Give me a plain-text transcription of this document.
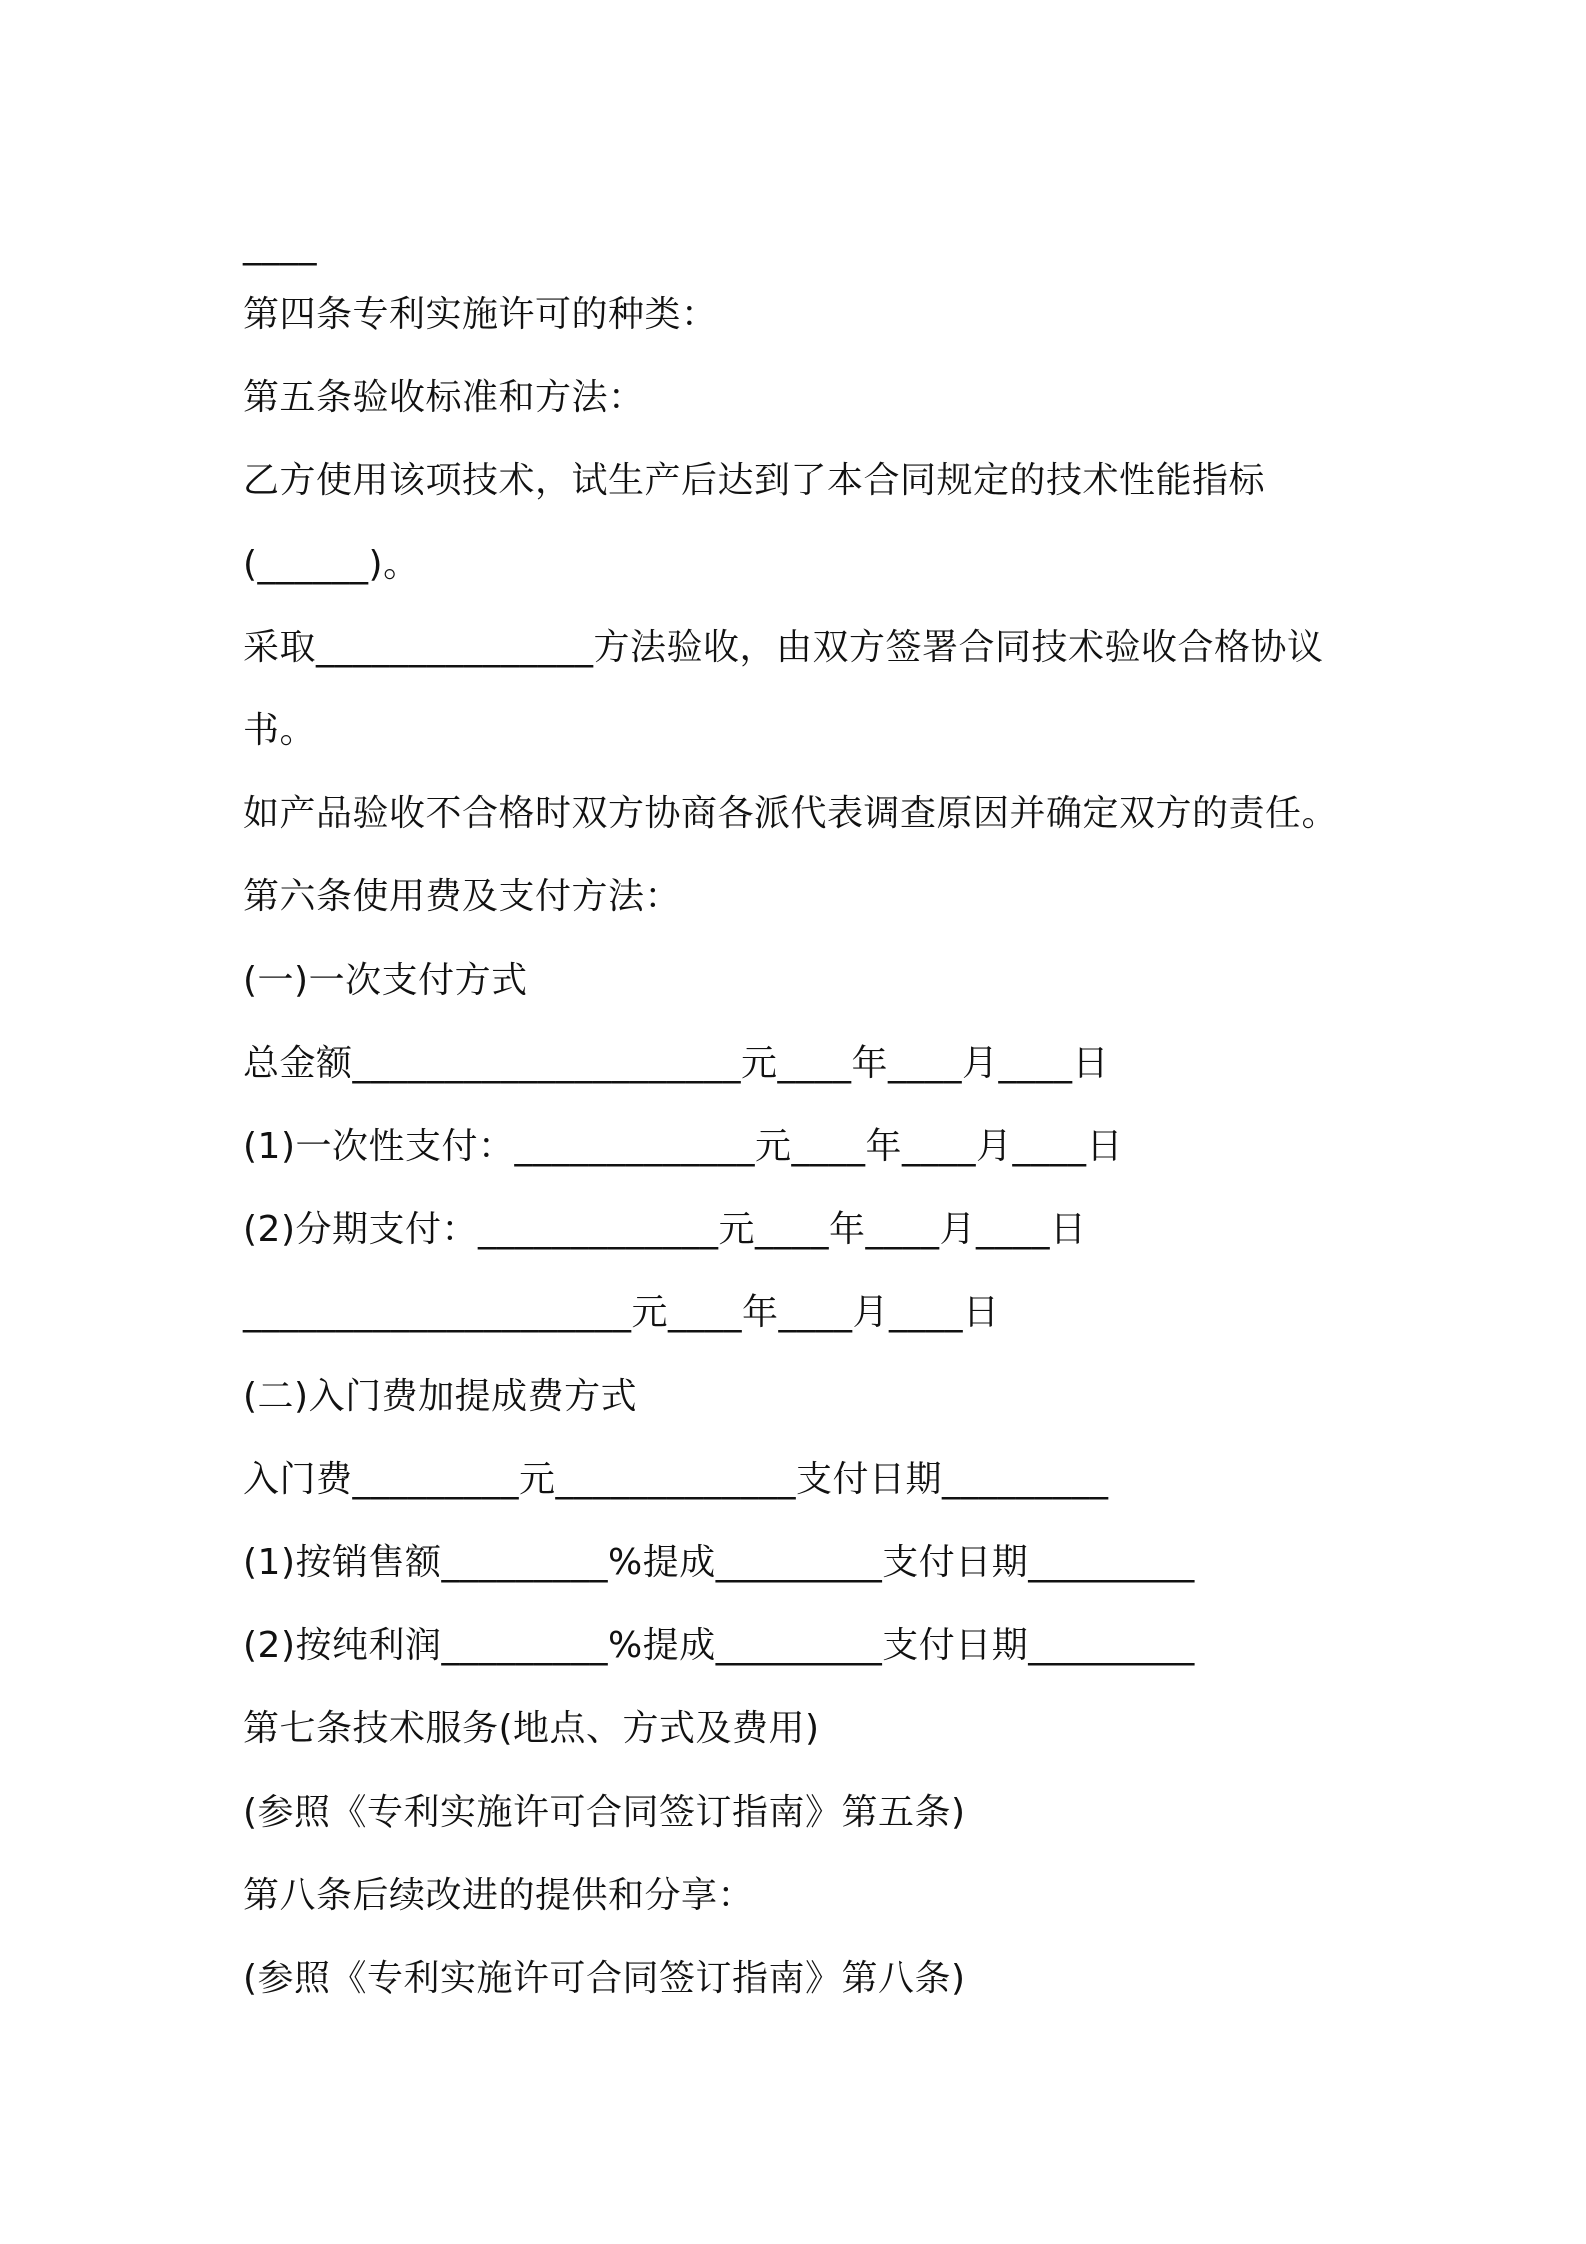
____
第四条专利实施许可的种类：
第五条验收标准和方法：
乙方使用该项技术，试生产后达到了本合同规定的技术性能指标
(______)。
采取_______________方法验收，由双方签署合同技术验收合格协议
书。
如产品验收不合格时双方协商各派代表调查原因并确定双方的责任。
第六条使用费及支付方法：
(一)一次支付方式
总金额_____________________元____年____月____日
(1)一次性支付：_____________元____年____月____日
(2)分期支付：_____________元____年____月____日
_____________________元____年____月____日
(二)入门费加提成费方式
入门费_________元_____________支付日期_________
(1)按销售额_________%提成_________支付日期_________
(2)按纯利润_________%提成_________支付日期_________
第七条技术服务(地点、方式及费用)
(参照《专利实施许可合同签订指南》第五条)
第八条后续改进的提供和分享：
(参照《专利实施许可合同签订指南》第八条)
